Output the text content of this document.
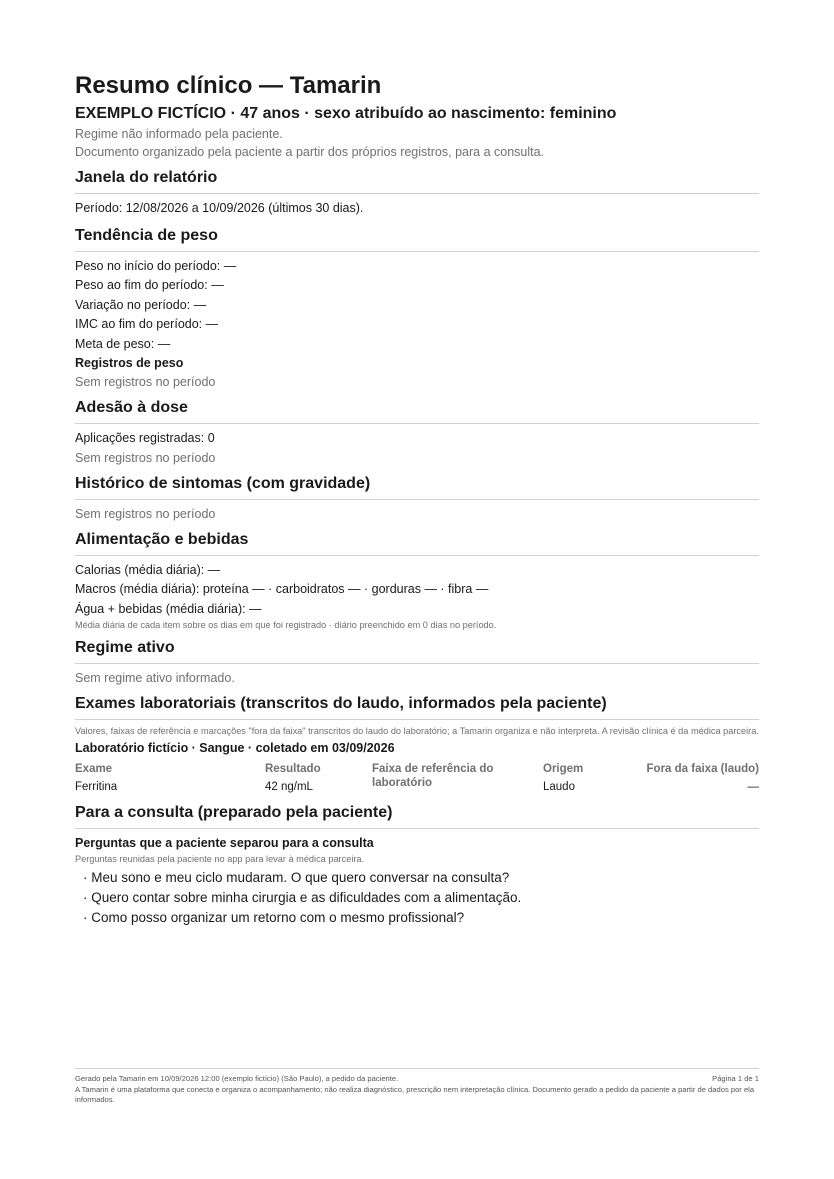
Resumo clínico — Tamarin
EXEMPLO FICTÍCIO · 47 anos · sexo atribuído ao nascimento: feminino
Regime não informado pela paciente.
Documento organizado pela paciente a partir dos próprios registros, para a consulta.
Janela do relatório
Período: 12/08/2026 a 10/09/2026 (últimos 30 dias).
Tendência de peso
Peso no início do período: —
Peso ao fim do período: —
Variação no período: —
IMC ao fim do período: —
Meta de peso: —
Registros de peso
Sem registros no período
Adesão à dose
Aplicações registradas: 0
Sem registros no período
Histórico de sintomas (com gravidade)
Sem registros no período
Alimentação e bebidas
Calorias (média diária): —
Macros (média diária): proteína — · carboidratos — · gorduras — · fibra —
Água + bebidas (média diária): —
Média diária de cada item sobre os dias em que foi registrado · diário preenchido em 0 dias no período.
Regime ativo
Sem regime ativo informado.
Exames laboratoriais (transcritos do laudo, informados pela paciente)
Valores, faixas de referência e marcações "fora da faixa" transcritos do laudo do laboratório; a Tamarin organiza e não interpreta. A revisão clínica é da médica parceira.
Laboratório fictício · Sangue · coletado em 03/09/2026
Exame	Resultado	Faixa de referência do laboratório	Origem	Fora da faixa (laudo)
Ferritina	42 ng/mL		Laudo	—
Para a consulta (preparado pela paciente)
Perguntas que a paciente separou para a consulta
Perguntas reunidas pela paciente no app para levar à médica parceira.
· Meu sono e meu ciclo mudaram. O que quero conversar na consulta?
· Quero contar sobre minha cirurgia e as dificuldades com a alimentação.
· Como posso organizar um retorno com o mesmo profissional?
Gerado pela Tamarin em 10/09/2026 12:00 (exemplo fictício) (São Paulo), a pedido da paciente.	Página 1 de 1
A Tamarin é uma plataforma que conecta e organiza o acompanhamento; não realiza diagnóstico, prescrição nem interpretação clínica. Documento gerado a pedido da paciente a partir de dados por ela informados.
